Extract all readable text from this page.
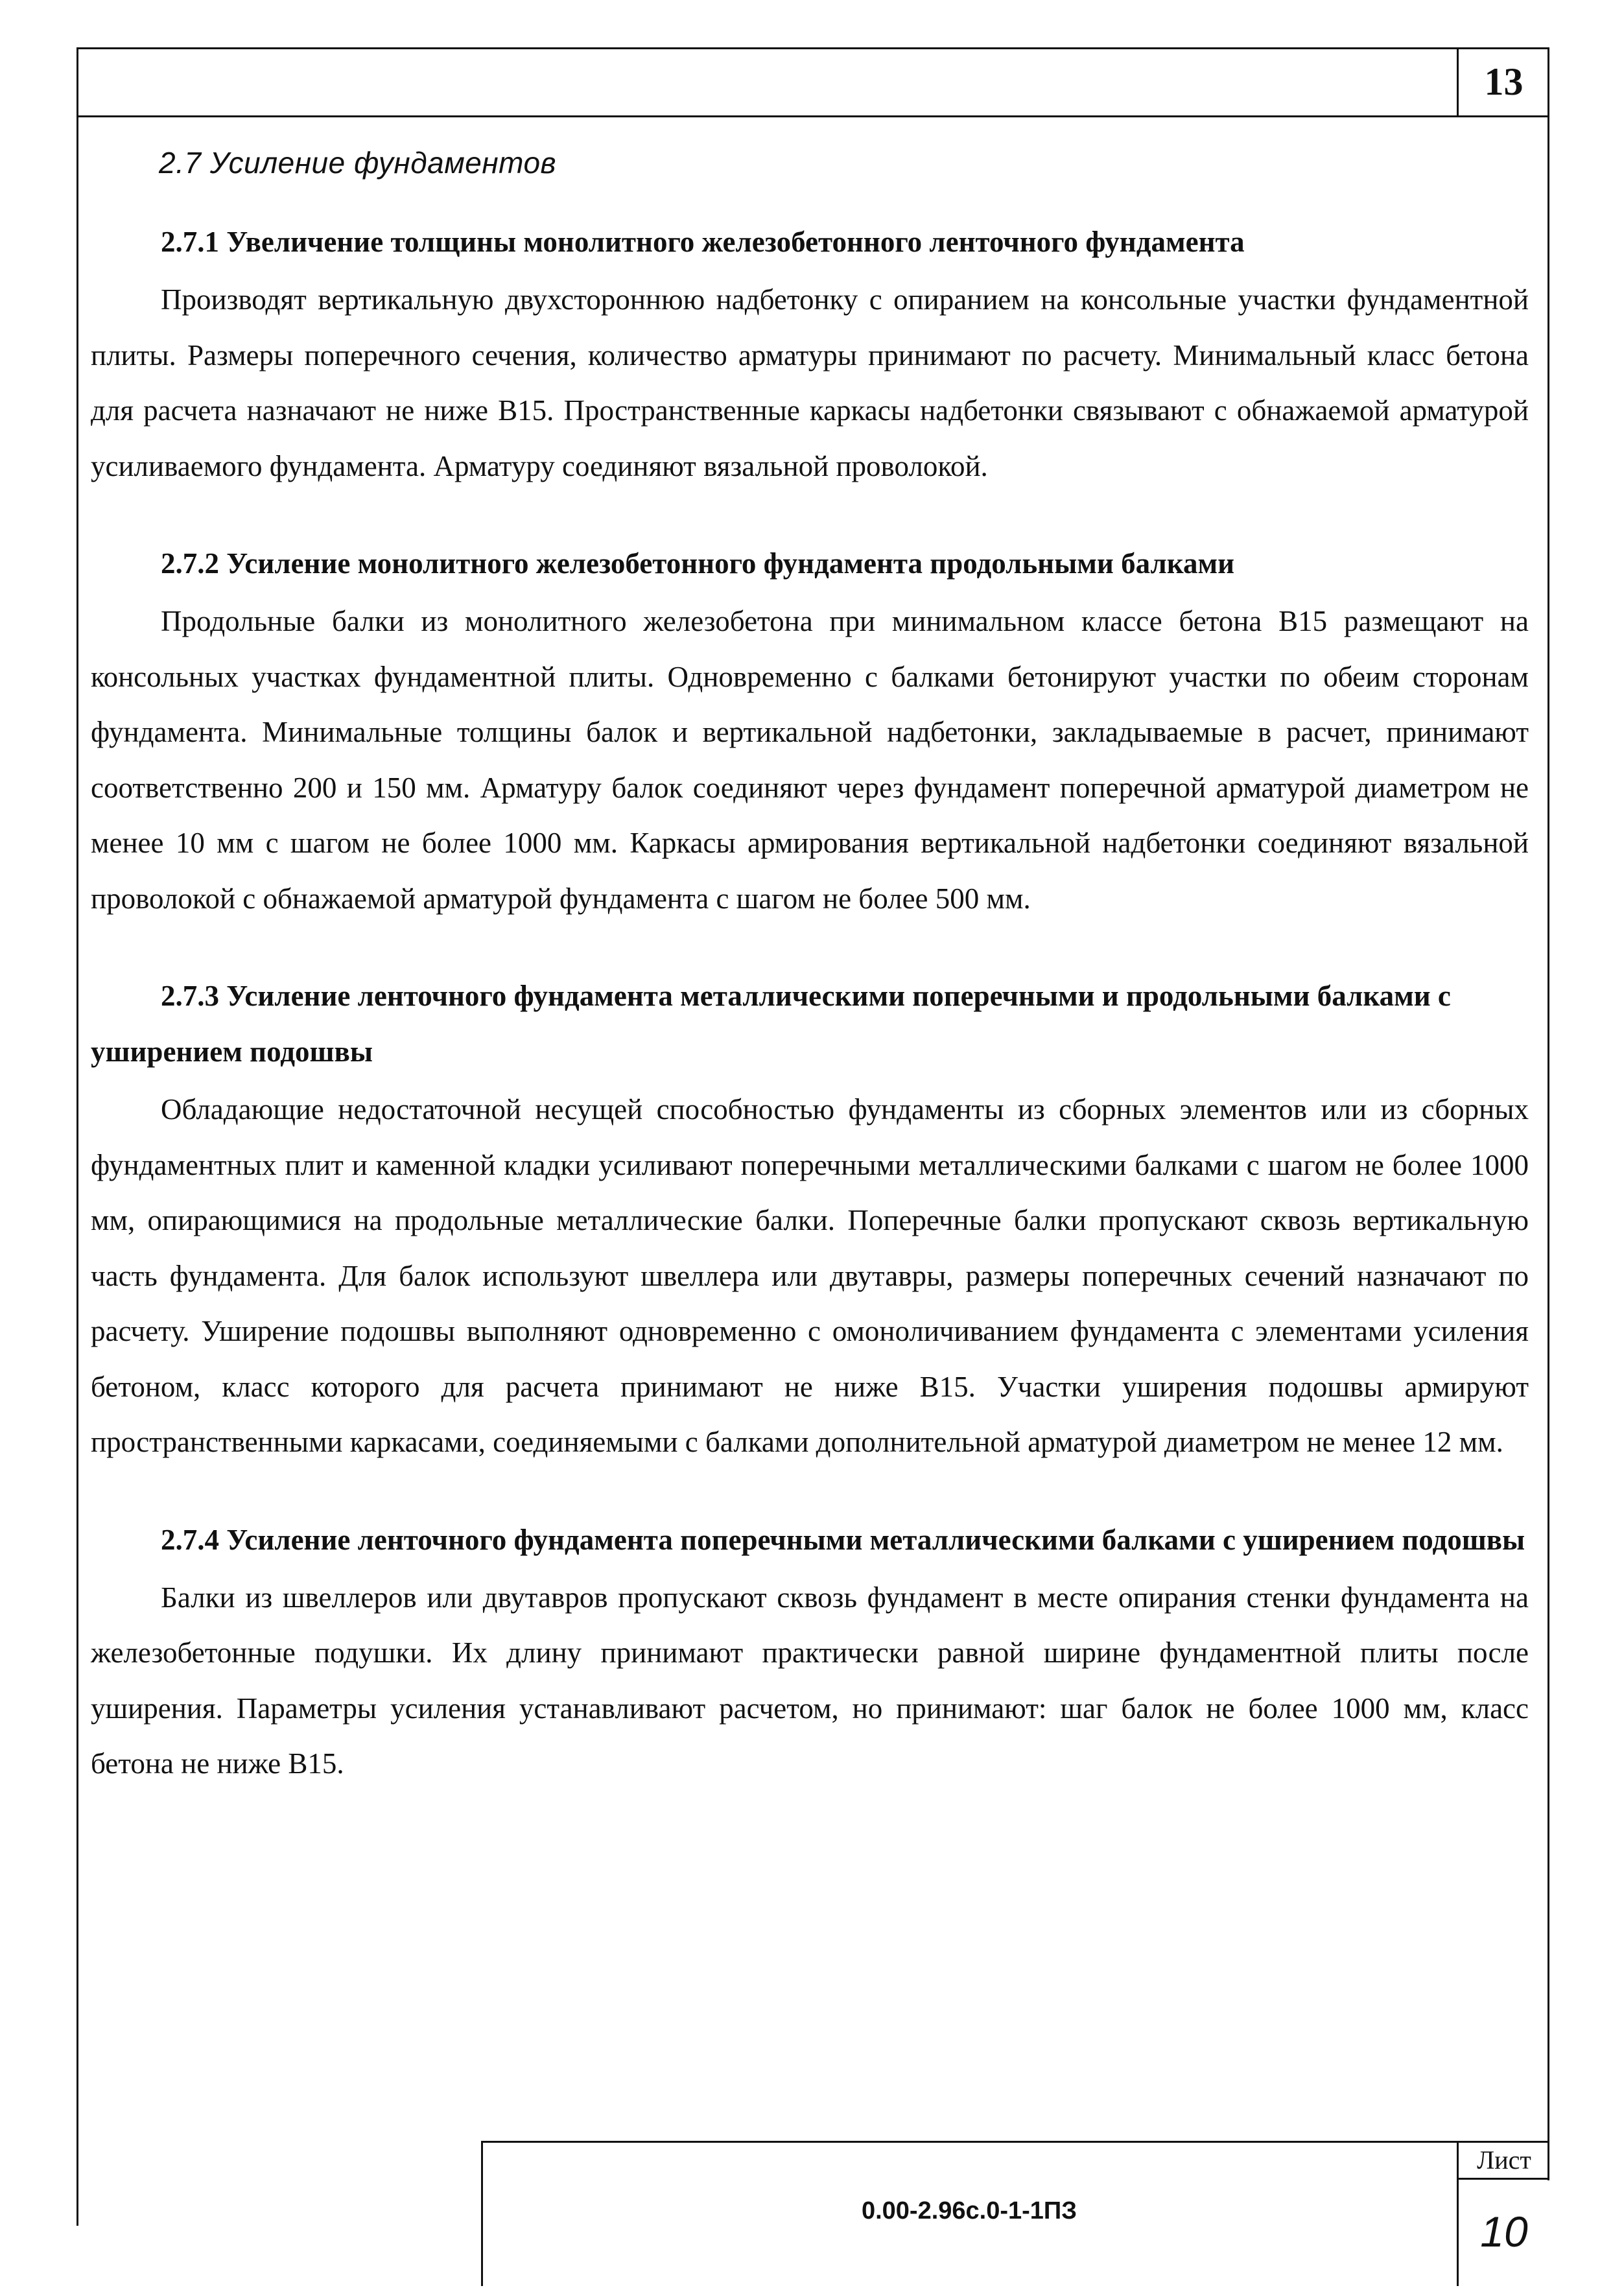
13
2.7 Усиление фундаментов
2.7.1 Увеличение толщины монолитного железобетонного ленточного фундамента

Производят вертикальную двухстороннюю надбетонку с опиранием на консольные участки фундаментной плиты. Размеры поперечного сечения, количество арматуры принимают по расчету. Минимальный класс бетона для расчета назначают не ниже В15. Пространственные каркасы надбетонки связывают с обнажаемой арматурой усиливаемого фундамента. Арматуру соединяют вязальной проволокой.

2.7.2 Усиление монолитного железобетонного фундамента продольными балками

Продольные балки из монолитного железобетона при минимальном классе бетона В15 размещают на консольных участках фундаментной плиты. Одновременно с балками бетонируют участки по обеим сторонам фундамента. Минимальные толщины балок и вертикальной надбетонки, закладываемые в расчет, принимают соответственно 200 и 150 мм. Арматуру балок соединяют через фундамент поперечной арматурой диаметром не менее 10 мм с шагом не более 1000 мм. Каркасы армирования вертикальной надбетонки соединяют вязальной проволокой с обнажаемой арматурой фундамента с шагом не более 500 мм.

2.7.3 Усиление ленточного фундамента металлическими поперечными и продольными балками с уширением подошвы

Обладающие недостаточной несущей способностью фундаменты из сборных элементов или из сборных фундаментных плит и каменной кладки усиливают поперечными металлическими балками с шагом не более 1000 мм, опирающимися на продольные металлические балки. Поперечные балки пропускают сквозь вертикальную часть фундамента. Для балок используют швеллера или двутавры, размеры поперечных сечений назначают по расчету. Уширение подошвы выполняют одновременно с омоноличиванием фундамента с элементами усиления бетоном, класс которого для расчета принимают не ниже В15. Участки уширения подошвы армируют пространственными каркасами, соединяемыми с балками дополнительной арматурой диаметром не менее 12 мм.

2.7.4 Усиление ленточного фундамента поперечными металлическими балками с уширением подошвы

Балки из швеллеров или двутавров пропускают сквозь фундамент в месте опирания стенки фундамента на железобетонные подушки. Их длину принимают практически равной ширине фундаментной плиты после уширения. Параметры усиления устанавливают расчетом, но принимают: шаг балок не более 1000 мм, класс бетона не ниже В15.

0.00-2.96с.0-1-1ПЗ
Лист
10
